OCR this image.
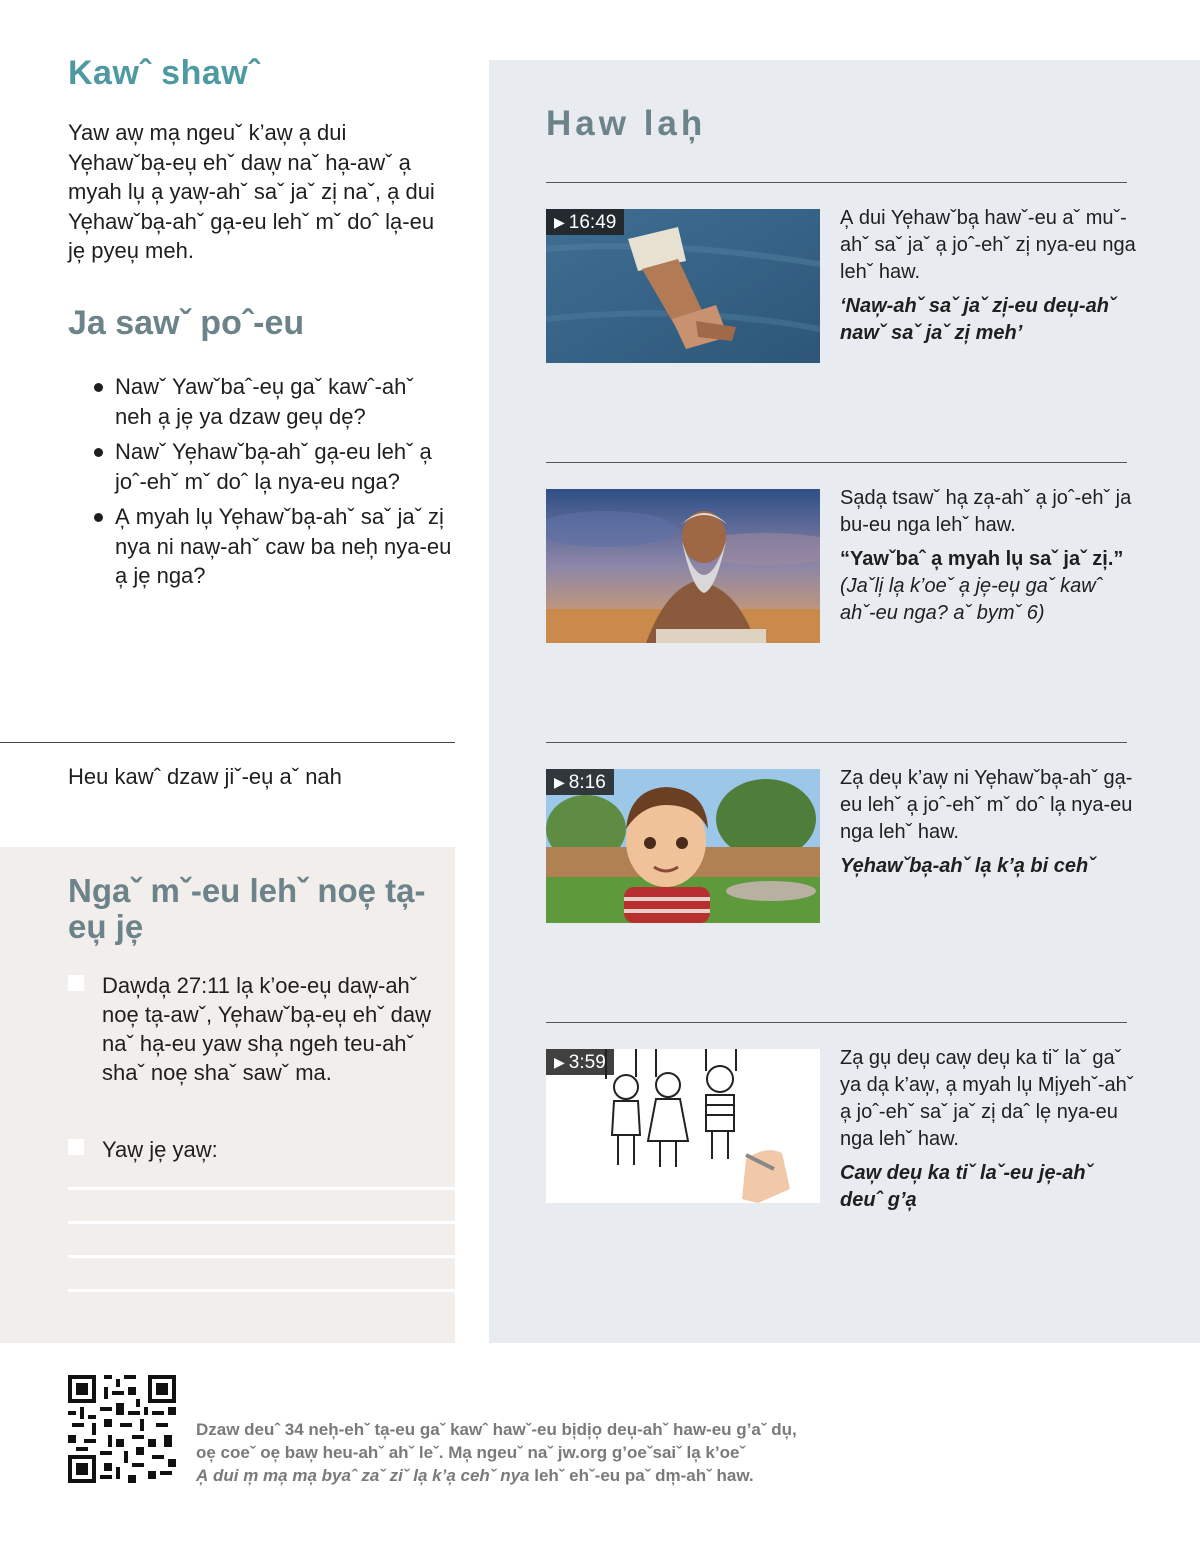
Kawˆ shawˆ

Yaw aw̦ ma̦ ngeuˇ k’aw̦ a̦ dui Ye̦hawˇba̦-eu̦ ehˇ daw̦ naˇ ha̦-awˇ a̦ myah lu̦ a̦ yaw̦-ahˇ saˇ jaˇ zi̦ naˇ, a̦ dui Ye̦hawˇba̦-ahˇ ga̦-eu lehˇ mˇ doˆ la̦-eu je̦ pyeu̦ meh.

Ja sawˇ poˆ-eu
Nawˇ Yawˇbaˆ-eu̦ gaˇ kawˆ-ahˇ neh a̦ je̦ ya dzaw geu̦ de̦?
Nawˇ Ye̦hawˇba̦-ahˇ ga̦-eu lehˇ a̦ joˆ-ehˇ mˇ doˆ la̦ nya-eu nga?
A̦ myah lu̦ Ye̦hawˇba̦-ahˇ saˇ jaˇ zi̦ nya ni naw̦-ahˇ caw ba neh̦ nya-eu a̦ je̦ nga?
Heu kawˆ dzaw jiˇ-eu̦ aˇ nah
Ngaˇ mˇ-eu lehˇ noe̦ ta̦-eu̦ je̦
Daw̦da̦ 27:11 la̦ k’oe-eu̦ daw̦-ahˇ noe̦ ta̦-awˇ, Ye̦hawˇba̦-eu̦ ehˇ daw̦ naˇ ha̦-eu yaw sha̦ ngeh teu-ahˇ shaˇ noe̦ shaˇ sawˇ ma.
Yaw̦ je̦ yaw̦:
Haw lah̦
▶ 16:49	A̦ dui Ye̦hawˇba̦ hawˇ-eu aˇ muˇ-ahˇ saˇ jaˇ a̦ joˆ-ehˇ zi̦ nya-eu nga lehˇ haw.

‘Naw̦-ahˇ saˇ jaˇ zi̦-eu deu̦-ahˇ nawˇ saˇ jaˇ zi̦ meh’

Sa̦da̦ tsawˇ ha̦ za̦-ahˇ a̦ joˆ-ehˇ ja bu-eu nga lehˇ haw.

“Yawˇbaˆ a̦ myah lu̦ saˇ jaˇ zi̦.”

(Jaˇli̦ la̦ k’oeˇ a̦ je̦-eu̦ gaˇ kawˆ ahˇ-eu nga? aˇ bymˇ 6)

▶ 8:16	Za̦ deu̦ k’aw̦ ni Ye̦hawˇba̦-ahˇ ga̦-eu lehˇ a̦ joˆ-ehˇ mˇ doˆ la̦ nya-eu nga lehˇ haw.

Ye̦hawˇba̦-ahˇ la̦ k’a̦ bi cehˇ

▶ 3:59	Za̦ gu̦ deu̦ caw̦ deu̦ ka tiˇ laˇ gaˇ ya da̦ k’aw̦, a̦ myah lu̦ Mi̦yehˇ-ahˇ a̦ joˆ-ehˇ saˇ jaˇ zi̦ daˆ le̦ nya-eu nga lehˇ haw.

Caw̦ deu̦ ka tiˇ laˇ-eu je̦-ahˇ deuˆ g’a̦

Dzaw deuˆ 34 neh̦-ehˇ ta̦-eu gaˇ kawˆ hawˇ-eu bi̦di̦o̦ deu̦-ahˇ haw-eu g’aˇ du̦,
oe̦ coeˇ oe̦ baw̦ heu-ahˇ ahˇ leˇ. Ma̦ ngeuˇ naˇ jw.org g’oeˇsaiˇ la̦ k’oeˇ
A̦ dui m̦ ma̦ ma̦ byaˆ zaˇ ziˇ la̦ k’a̦ cehˇ nya lehˇ ehˇ-eu paˇ dm̦-ahˇ haw.
